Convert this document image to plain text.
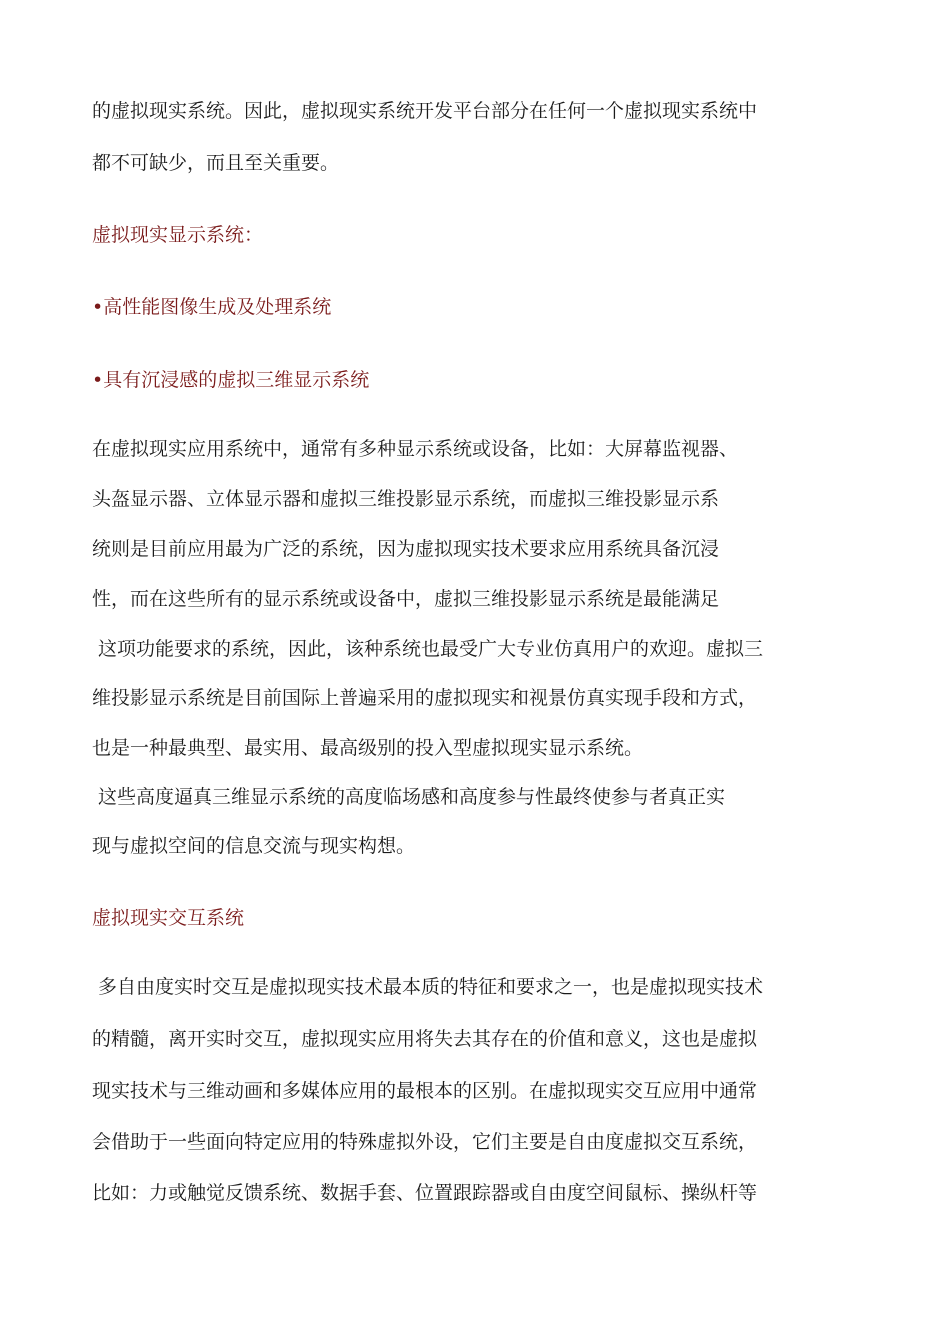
的虚拟现实系统。因此，虚拟现实系统开发平台部分在任何一个虚拟现实系统中
都不可缺少，而且至关重要。
虚拟现实显示系统：
•高性能图像生成及处理系统
•具有沉浸感的虚拟三维显示系统
在虚拟现实应用系统中，通常有多种显示系统或设备，比如：大屏幕监视器、
头盔显示器、立体显示器和虚拟三维投影显示系统，而虚拟三维投影显示系
统则是目前应用最为广泛的系统，因为虚拟现实技术要求应用系统具备沉浸
性，而在这些所有的显示系统或设备中，虚拟三维投影显示系统是最能满足
这项功能要求的系统，因此，该种系统也最受广大专业仿真用户的欢迎。虚拟三
维投影显示系统是目前国际上普遍采用的虚拟现实和视景仿真实现手段和方式，
也是一种最典型、最实用、最高级别的投入型虚拟现实显示系统。
这些高度逼真三维显示系统的高度临场感和高度参与性最终使参与者真正实
现与虚拟空间的信息交流与现实构想。
虚拟现实交互系统
多自由度实时交互是虚拟现实技术最本质的特征和要求之一，也是虚拟现实技术
的精髓，离开实时交互，虚拟现实应用将失去其存在的价值和意义，这也是虚拟
现实技术与三维动画和多媒体应用的最根本的区别。在虚拟现实交互应用中通常
会借助于一些面向特定应用的特殊虚拟外设，它们主要是自由度虚拟交互系统，
比如：力或触觉反馈系统、数据手套、位置跟踪器或自由度空间鼠标、操纵杆等
